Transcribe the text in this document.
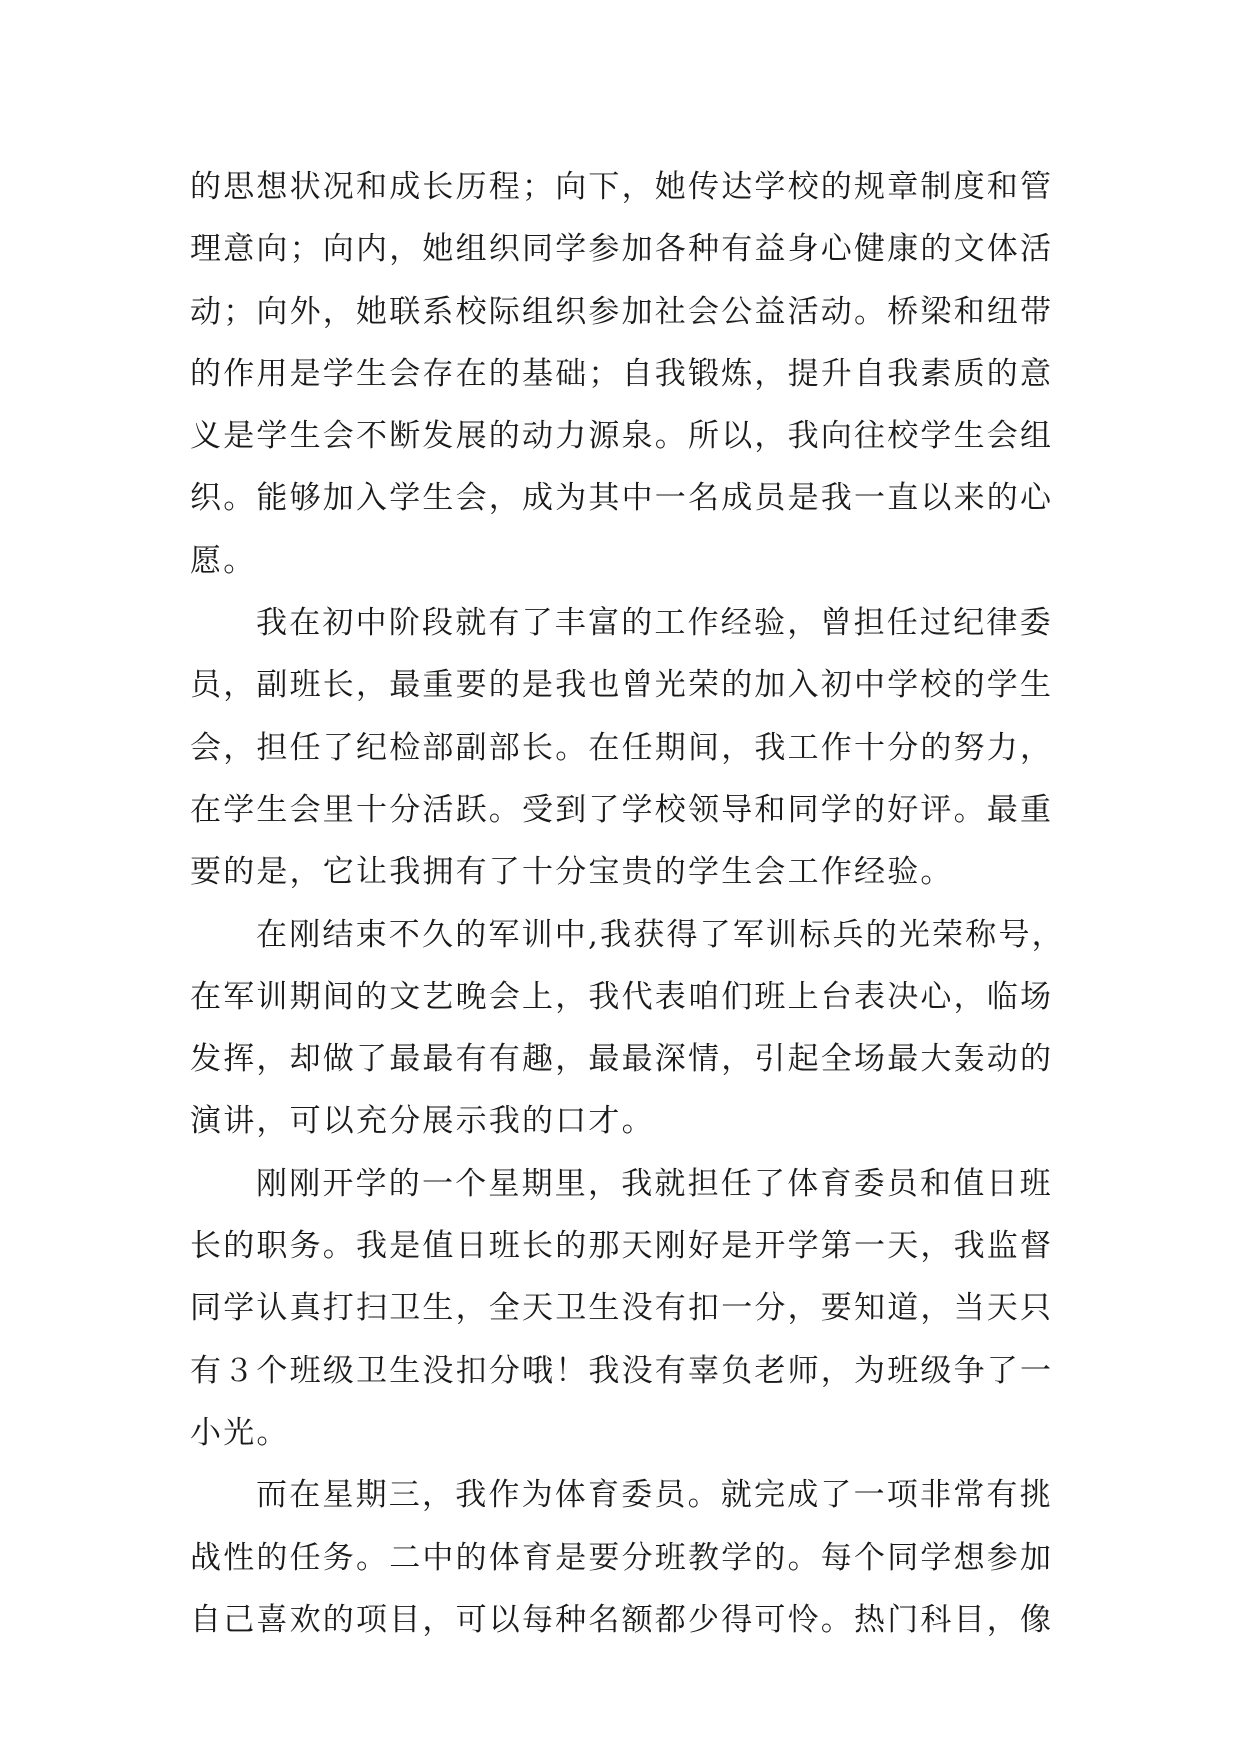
的思想状况和成长历程；向下，她传达学校的规章制度和管
理意向；向内，她组织同学参加各种有益身心健康的文体活
动；向外，她联系校际组织参加社会公益活动。桥梁和纽带
的作用是学生会存在的基础；自我锻炼，提升自我素质的意
义是学生会不断发展的动力源泉。所以，我向往校学生会组
织。能够加入学生会，成为其中一名成员是我一直以来的心
愿。
我在初中阶段就有了丰富的工作经验，曾担任过纪律委
员，副班长，最重要的是我也曾光荣的加入初中学校的学生
会，担任了纪检部副部长。在任期间，我工作十分的努力，
在学生会里十分活跃。受到了学校领导和同学的好评。最重
要的是，它让我拥有了十分宝贵的学生会工作经验。
在刚结束不久的军训中,我获得了军训标兵的光荣称号，
在军训期间的文艺晚会上，我代表咱们班上台表决心，临场
发挥，却做了最最有有趣，最最深情，引起全场最大轰动的
演讲，可以充分展示我的口才。
刚刚开学的一个星期里，我就担任了体育委员和值日班
长的职务。我是值日班长的那天刚好是开学第一天，我监督
同学认真打扫卫生，全天卫生没有扣一分，要知道，当天只
有３个班级卫生没扣分哦！我没有辜负老师，为班级争了一
小光。
而在星期三，我作为体育委员。就完成了一项非常有挑
战性的任务。二中的体育是要分班教学的。每个同学想参加
自己喜欢的项目，可以每种名额都少得可怜。热门科目，像
